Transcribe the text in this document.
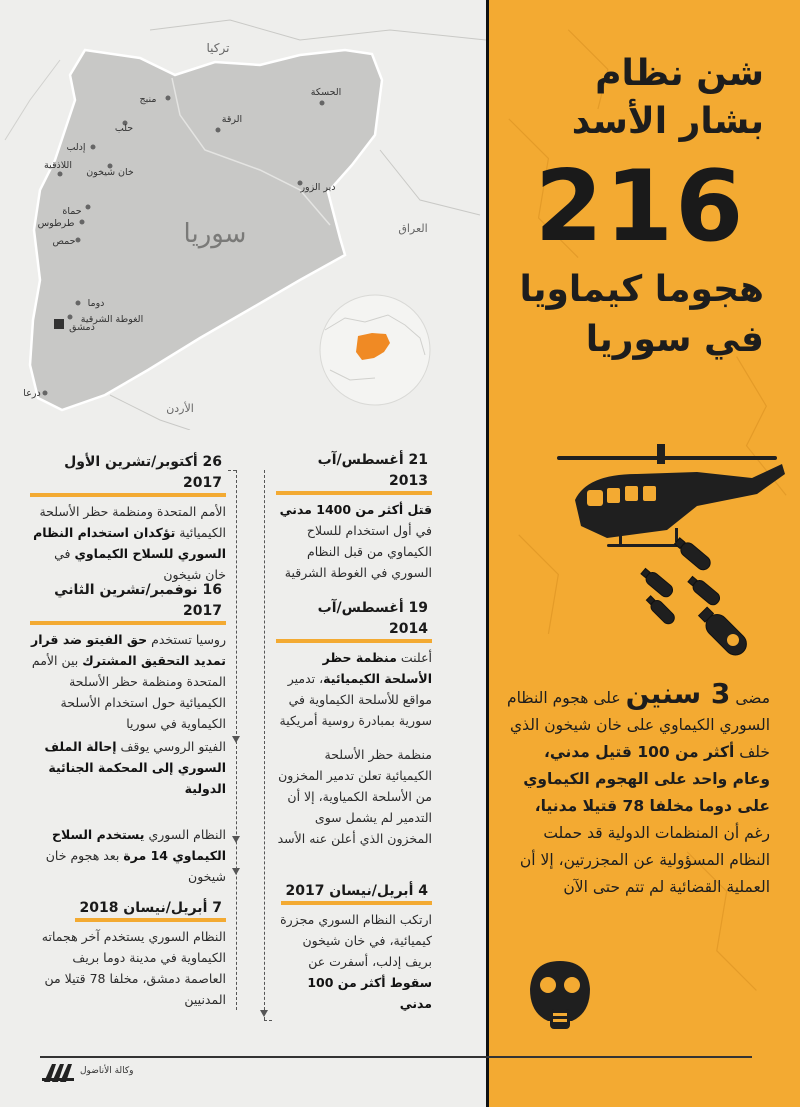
تركيا
العراق
الأردن
سوريا
الحسكة
منبج
حلب
الرقة
إدلب
اللاذقية
خان شيخون
دير الزور
حماة
طرطوس
حمص
دوما
الغوطة الشرقية
دمشق
درعا
21 أغسطس/آب 2013

قتل أكثر من 1400 مدني في أول استخدام للسلاح الكيماوي من قبل النظام السوري في الغوطة الشرقية

19 أغسطس/آب 2014

أعلنت منظمة حظر الأسلحة الكيميائية، تدمير مواقع للأسلحة الكيماوية في سورية بمبادرة روسية أمريكية

منظمة حظر الأسلحة الكيميائية تعلن تدمير المخزون من الأسلحة الكمياوية، إلا أن التدمير لم يشمل سوى المخزون الذي أعلن عنه الأسد

4 أبريل/نيسان 2017

ارتكب النظام السوري مجزرة كيميائية، في خان شيخون بريف إدلب، أسفرت عن سقوط أكثر من 100 مدني

26 أكتوبر/تشرين الأول 2017

الأمم المتحدة ومنظمة حظر الأسلحة الكيميائية تؤكدان استخدام النظام السوري للسلاح الكيماوي في خان شيخون

16 نوفمبر/تشرين الثاني 2017

روسيا تستخدم حق الفيتو ضد قرار تمديد التحقيق المشترك بين الأمم المتحدة ومنظمة حظر الأسلحة الكيميائية حول استخدام الأسلحة الكيماوية في سوريا

الفيتو الروسي يوقف إحالة الملف السوري إلى المحكمة الجنائية الدولية

النظام السوري يستخدم السلاح الكيماوي 14 مرة بعد هجوم خان شيخون

7 أبريل/نيسان 2018

النظام السوري يستخدم آخر هجماته الكيماوية في مدينة دوما بريف العاصمة دمشق، مخلفا 78 قتيلا من المدنيين

شن نظام
بشار الأسد
216
هجوما كيماويا
في سوريا
مضى 3 سنين على هجوم النظام السوري الكيماوي على خان شيخون الذي خلف أكثر من 100 قتيل مدني، وعام واحد على الهجوم الكيماوي على دوما مخلفا 78 قتيلا مدنيا، رغم أن المنظمات الدولية قد حملت النظام المسؤولية عن المجزرتين، إلا أن العملية القضائية لم تتم حتى الآن
وكالة الأناضول
